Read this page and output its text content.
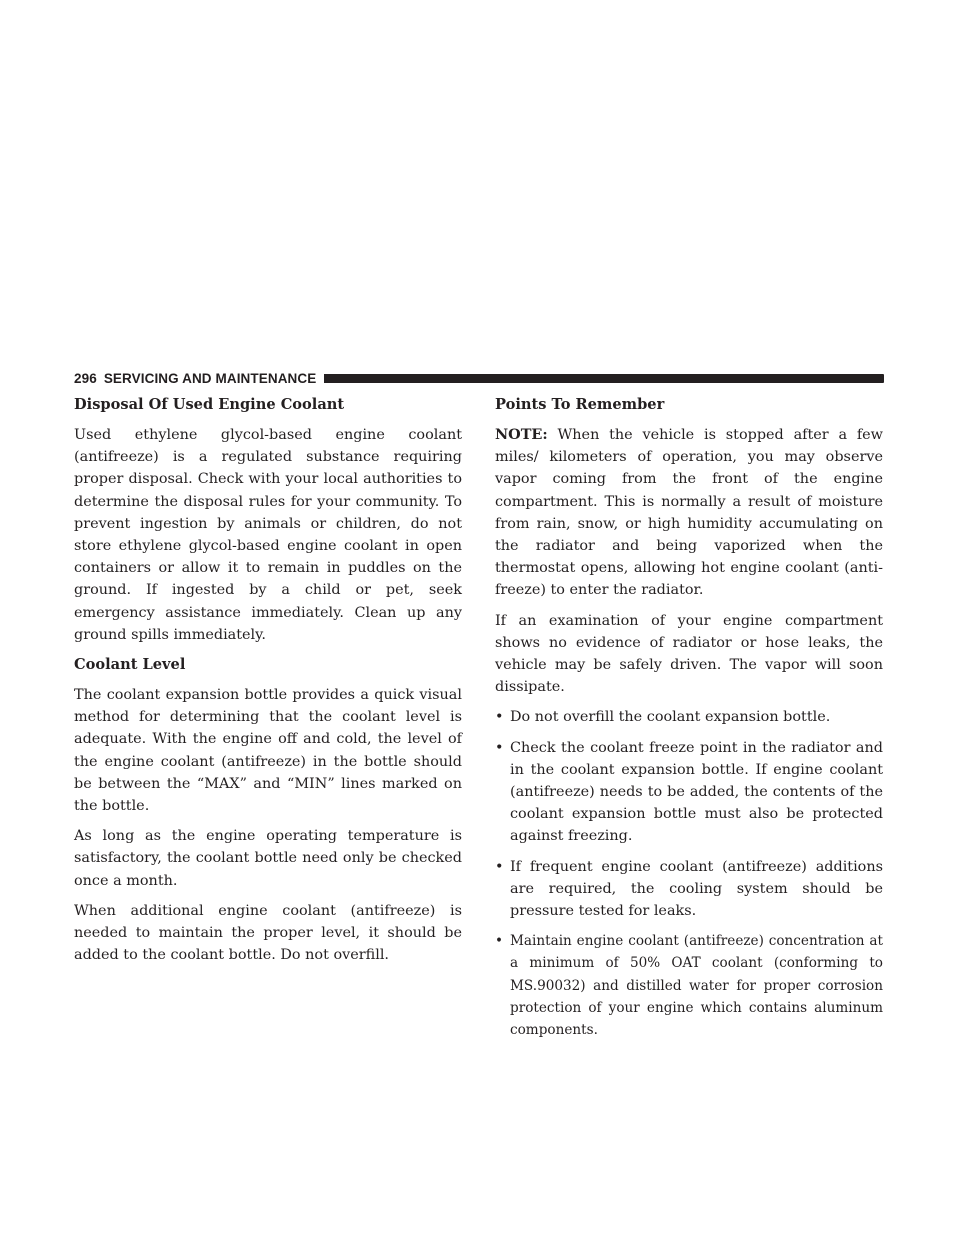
296 SERVICING AND MAINTENANCE
Disposal Of Used Engine Coolant

Used ethylene glycol-based engine coolant (antifreeze) is a regulated substance requiring proper disposal. Check with your local authorities to determine the disposal rules for your community. To prevent ingestion by animals or children, do not store ethylene glycol-based engine coolant in open containers or allow it to remain in puddles on the ground. If ingested by a child or pet, seek emergency assistance immediately. Clean up any ground spills immediately.

Coolant Level

The coolant expansion bottle provides a quick visual method for determining that the coolant level is adequate. With the engine off and cold, the level of the engine coolant (antifreeze) in the bottle should be between the “MAX” and “MIN” lines marked on the bottle.

As long as the engine operating temperature is satisfactory, the coolant bottle need only be checked once a month.

When additional engine coolant (antifreeze) is needed to maintain the proper level, it should be added to the coolant bottle. Do not overfill.

Points To Remember

NOTE: When the vehicle is stopped after a few miles/ kilometers of operation, you may observe vapor coming from the front of the engine compartment. This is normally a result of moisture from rain, snow, or high humidity accumulating on the radiator and being vaporized when the thermostat opens, allowing hot engine coolant (antifreeze) to enter the radiator.

If an examination of your engine compartment shows no evidence of radiator or hose leaks, the vehicle may be safely driven. The vapor will soon dissipate.

• Do not overfill the coolant expansion bottle.
• Check the coolant freeze point in the radiator and in the coolant expansion bottle. If engine coolant (antifreeze) needs to be added, the contents of the coolant expansion bottle must also be protected against freezing.
• If frequent engine coolant (antifreeze) additions are required, the cooling system should be pressure tested for leaks.
• Maintain engine coolant (antifreeze) concentration at a minimum of 50% OAT coolant (conforming to MS.90032) and distilled water for proper corrosion protection of your engine which contains aluminum components.
